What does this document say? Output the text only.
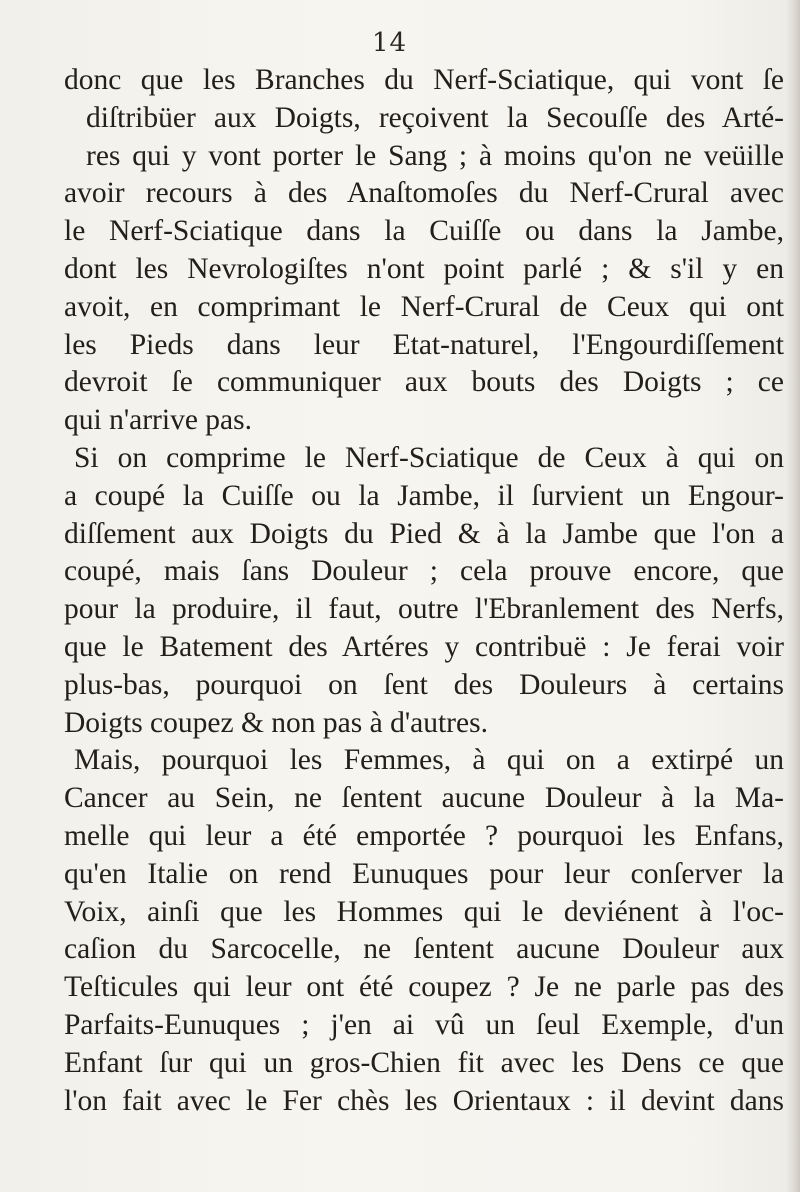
14
donc que les Branches du Nerf-Sciatique, qui vont ſe
diſtribüer aux Doigts, reçoivent la Secouſſe des Arté-
res qui y vont porter le Sang ; à moins qu'on ne veüille
avoir recours à des Anaſtomoſes du Nerf-Crural avec
le Nerf-Sciatique dans la Cuiſſe ou dans la Jambe,
dont les Nevrologiſtes n'ont point parlé ; & s'il y en
avoit, en comprimant le Nerf-Crural de Ceux qui ont
les Pieds dans leur Etat-naturel, l'Engourdiſſement
devroit ſe communiquer aux bouts des Doigts ; ce
qui n'arrive pas.
Si on comprime le Nerf-Sciatique de Ceux à qui on
a coupé la Cuiſſe ou la Jambe, il ſurvient un Engour-
diſſement aux Doigts du Pied & à la Jambe que l'on a
coupé, mais ſans Douleur ; cela prouve encore, que
pour la produire, il faut, outre l'Ebranlement des Nerfs,
que le Batement des Artéres y contribuë : Je ferai voir
plus-bas, pourquoi on ſent des Douleurs à certains
Doigts coupez & non pas à d'autres.
Mais, pourquoi les Femmes, à qui on a extirpé un
Cancer au Sein, ne ſentent aucune Douleur à la Ma-
melle qui leur a été emportée ? pourquoi les Enfans,
qu'en Italie on rend Eunuques pour leur conſerver la
Voix, ainſi que les Hommes qui le deviénent à l'oc-
caſion du Sarcocelle, ne ſentent aucune Douleur aux
Teſticules qui leur ont été coupez ? Je ne parle pas des
Parfaits-Eunuques ; j'en ai vû un ſeul Exemple, d'un
Enfant ſur qui un gros-Chien fit avec les Dens ce que
l'on fait avec le Fer chès les Orientaux : il devint dans
